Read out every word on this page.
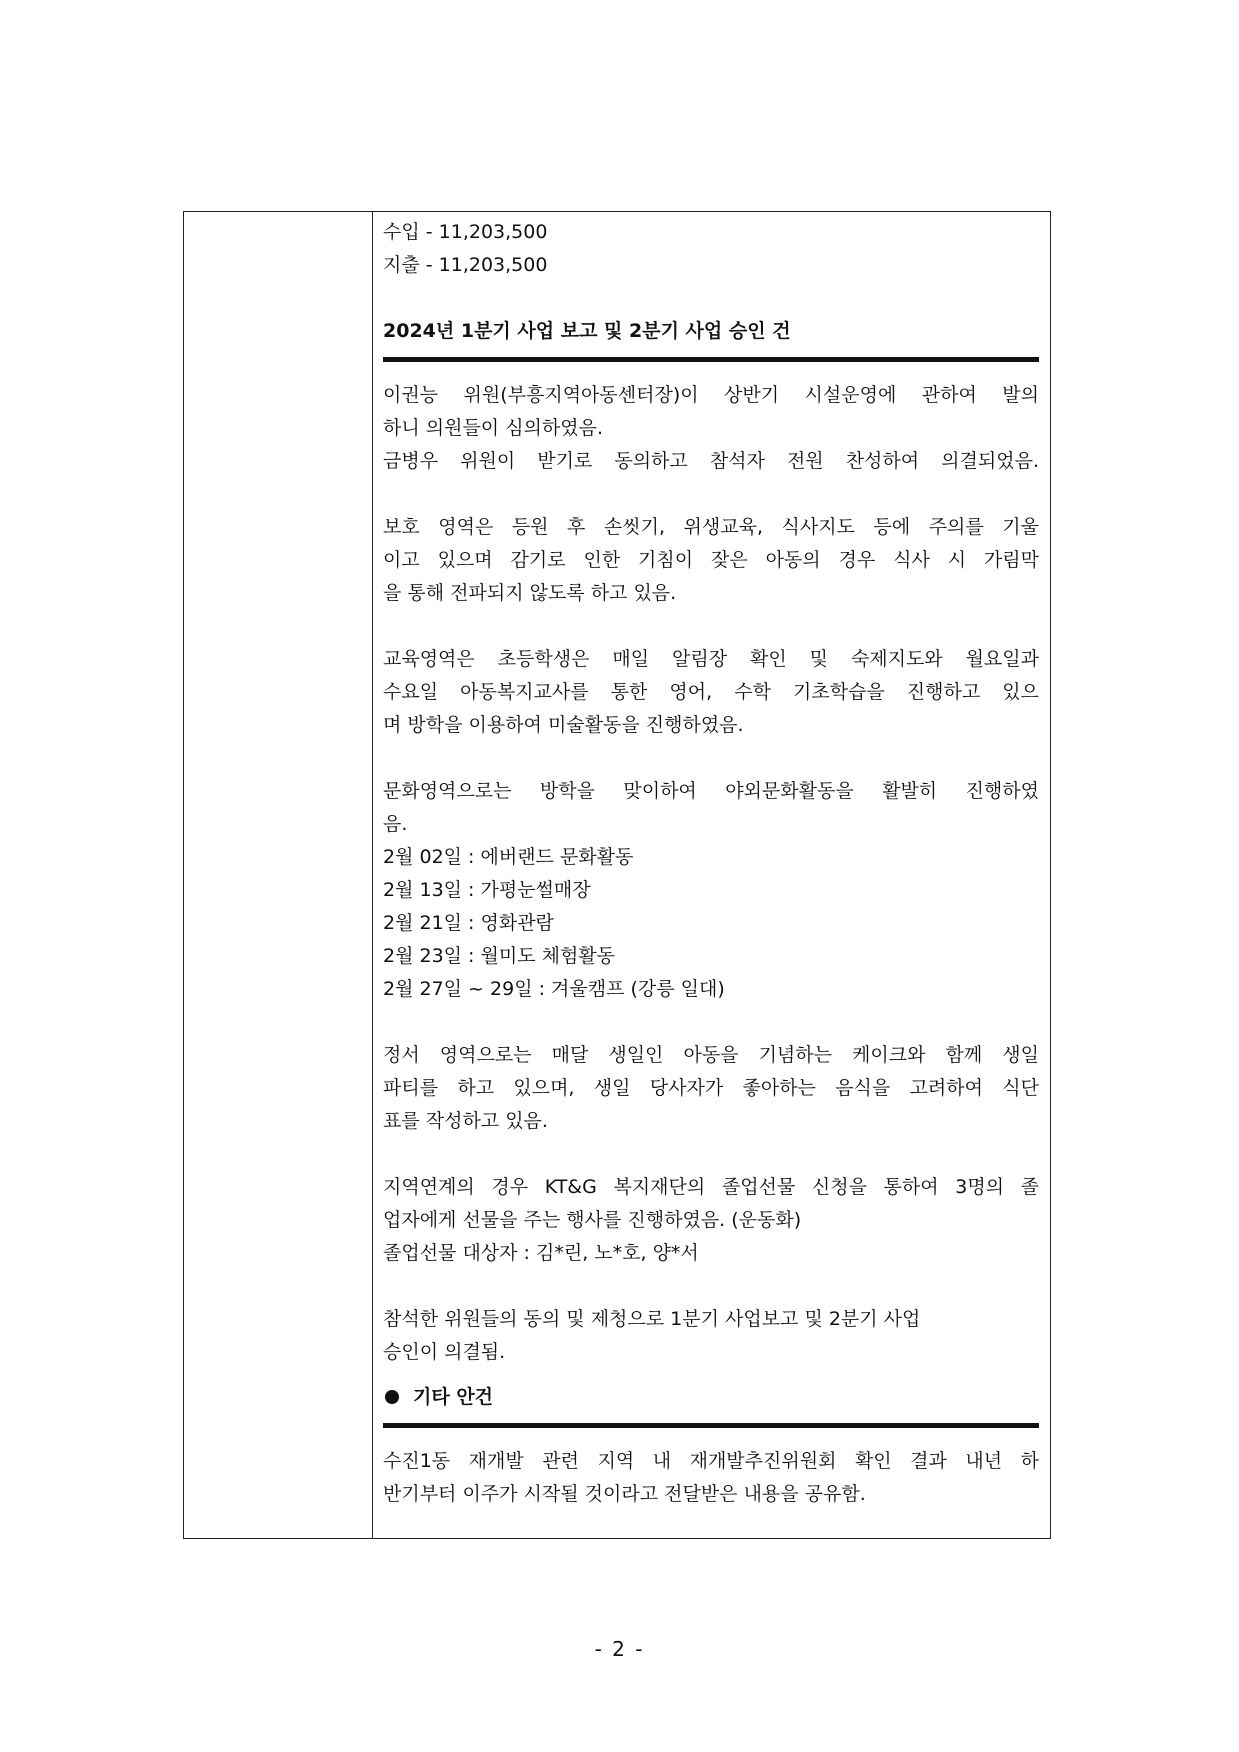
수입 - 11,203,500
지출 - 11,203,500
2024년 1분기 사업 보고 및 2분기 사업 승인 건
이권능 위원(부흥지역아동센터장)이 상반기 시설운영에 관하여 발의
하니 의원들이 심의하였음.
금병우 위원이 받기로 동의하고 참석자 전원 찬성하여 의결되었음.
보호 영역은 등원 후 손씻기, 위생교육, 식사지도 등에 주의를 기울
이고 있으며 감기로 인한 기침이 잦은 아동의 경우 식사 시 가림막
을 통해 전파되지 않도록 하고 있음.
교육영역은 초등학생은 매일 알림장 확인 및 숙제지도와 월요일과
수요일 아동복지교사를 통한 영어, 수학 기초학습을 진행하고 있으
며 방학을 이용하여 미술활동을 진행하였음.
문화영역으로는 방학을 맞이하여 야외문화활동을 활발히 진행하였
음.
2월 02일 : 에버랜드 문화활동
2월 13일 : 가평눈썰매장
2월 21일 : 영화관람
2월 23일 : 월미도 체험활동
2월 27일 ~ 29일 : 겨울캠프 (강릉 일대)
정서 영역으로는 매달 생일인 아동을 기념하는 케이크와 함께 생일
파티를 하고 있으며, 생일 당사자가 좋아하는 음식을 고려하여 식단
표를 작성하고 있음.
지역연계의 경우 KT&G 복지재단의 졸업선물 신청을 통하여 3명의 졸
업자에게 선물을 주는 행사를 진행하였음. (운동화)
졸업선물 대상자 : 김*린, 노*호, 양*서
참석한 위원들의 동의 및 제청으로 1분기 사업보고 및 2분기 사업
승인이 의결됨.
기타 안건
수진1동 재개발 관련 지역 내 재개발추진위원회 확인 결과 내년 하
반기부터 이주가 시작될 것이라고 전달받은 내용을 공유함.
- 2 -
